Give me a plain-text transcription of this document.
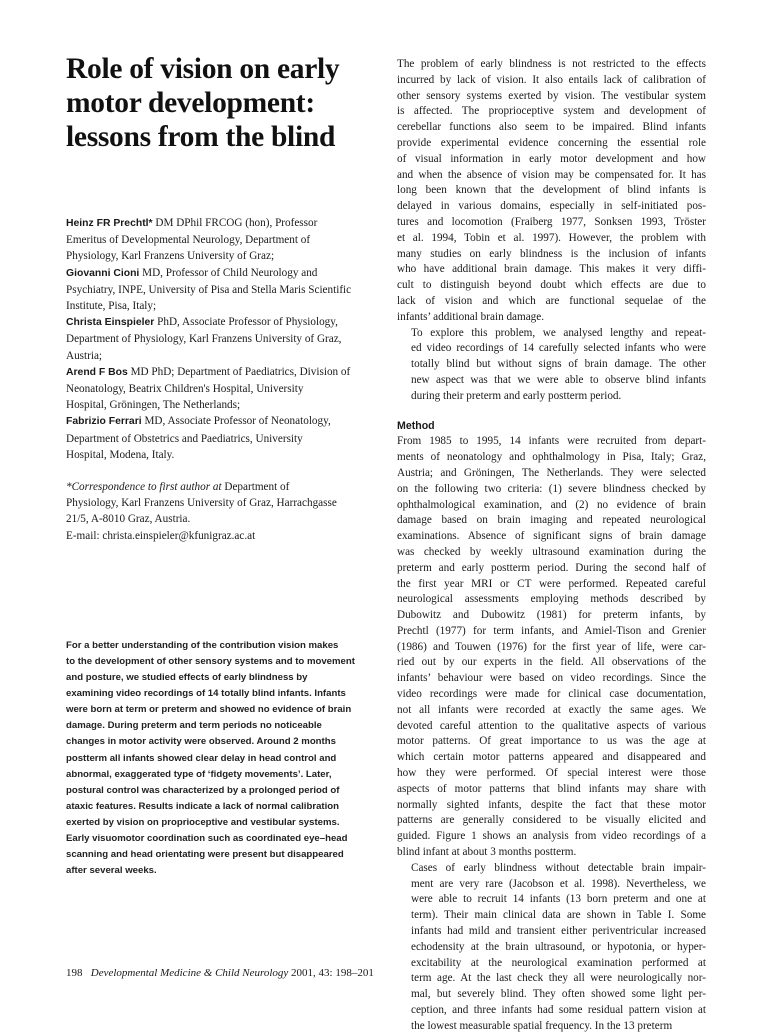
Role of vision on early
motor development:
lessons from the blind
Heinz FR Prechtl* DM DPhil FRCOG (hon), Professor
Emeritus of Developmental Neurology, Department of
Physiology, Karl Franzens University of Graz;
Giovanni Cioni MD, Professor of Child Neurology and
Psychiatry, INPE, University of Pisa and Stella Maris Scientific
Institute, Pisa, Italy;
Christa Einspieler PhD, Associate Professor of Physiology,
Department of Physiology, Karl Franzens University of Graz,
Austria;
Arend F Bos MD PhD; Department of Paediatrics, Division of
Neonatology, Beatrix Children's Hospital, University
Hospital, Gröningen, The Netherlands;
Fabrizio Ferrari MD, Associate Professor of Neonatology,
Department of Obstetrics and Paediatrics, University
Hospital, Modena, Italy.
*Correspondence to first author at Department of
Physiology, Karl Franzens University of Graz, Harrachgasse
21/5, A-8010 Graz, Austria.
E-mail: christa.einspieler@kfunigraz.ac.at
For a better understanding of the contribution vision makes
to the development of other sensory systems and to movement
and posture, we studied effects of early blindness by
examining video recordings of 14 totally blind infants. Infants
were born at term or preterm and showed no evidence of brain
damage. During preterm and term periods no noticeable
changes in motor activity were observed. Around 2 months
postterm all infants showed clear delay in head control and
abnormal, exaggerated type of ‘fidgety movements’. Later,
postural control was characterized by a prolonged period of
ataxic features. Results indicate a lack of normal calibration
exerted by vision on proprioceptive and vestibular systems.
Early visuomotor coordination such as coordinated eye–head
scanning and head orientating were present but disappeared
after several weeks.

The problem of early blindness is not restricted to the effects
incurred by lack of vision. It also entails lack of calibration of
other sensory systems exerted by vision. The vestibular system
is affected. The proprioceptive system and development of
cerebellar functions also seem to be impaired. Blind infants
provide experimental evidence concerning the essential role
of visual information in early motor development and how
and when the absence of vision may be compensated for. It has
long been known that the development of blind infants is
delayed in various domains, especially in self-initiated pos-
tures and locomotion (Fraiberg 1977, Sonksen 1993, Tröster
et al. 1994, Tobin et al. 1997). However, the problem with
many studies on early blindness is the inclusion of infants
who have additional brain damage. This makes it very diffi-
cult to distinguish beyond doubt which effects are due to
lack of vision and which are functional sequelae of the
infants’ additional brain damage.

To explore this problem, we analysed lengthy and repeat-
ed video recordings of 14 carefully selected infants who were
totally blind but without signs of brain damage. The other
new aspect was that we were able to observe blind infants
during their preterm and early postterm period.

Method

From 1985 to 1995, 14 infants were recruited from depart-
ments of neonatology and ophthalmology in Pisa, Italy; Graz,
Austria; and Gröningen, The Netherlands. They were selected
on the following two criteria: (1) severe blindness checked by
ophthalmological examination, and (2) no evidence of brain
damage based on brain imaging and repeated neurological
examinations. Absence of significant signs of brain damage
was checked by weekly ultrasound examination during the
preterm and early postterm period. During the second half of
the first year MRI or CT were performed. Repeated careful
neurological assessments employing methods described by
Dubowitz and Dubowitz (1981) for preterm infants, by
Prechtl (1977) for term infants, and Amiel-Tison and Grenier
(1986) and Touwen (1976) for the first year of life, were car-
ried out by our experts in the field. All observations of the
infants’ behaviour were based on video recordings. Since the
video recordings were made for clinical case documentation,
not all infants were recorded at exactly the same ages. We
devoted careful attention to the qualitative aspects of various
motor patterns. Of great importance to us was the age at
which certain motor patterns appeared and disappeared and
how they were performed. Of special interest were those
aspects of motor patterns that blind infants may share with
normally sighted infants, despite the fact that these motor
patterns are generally considered to be visually elicited and
guided. Figure 1 shows an analysis from video recordings of a
blind infant at about 3 months postterm.

Cases of early blindness without detectable brain impair-
ment are very rare (Jacobson et al. 1998). Nevertheless, we
were able to recruit 14 infants (13 born preterm and one at
term). Their main clinical data are shown in Table I. Some
infants had mild and transient either periventricular increased
echodensity at the brain ultrasound, or hypotonia, or hyper-
excitability at the neurological examination performed at
term age. At the last check they all were neurologically nor-
mal, but severely blind. They often showed some light per-
ception, and three infants had some residual pattern vision at
the lowest measurable spatial frequency. In the 13 preterm

198 Developmental Medicine & Child Neurology 2001, 43: 198–201
